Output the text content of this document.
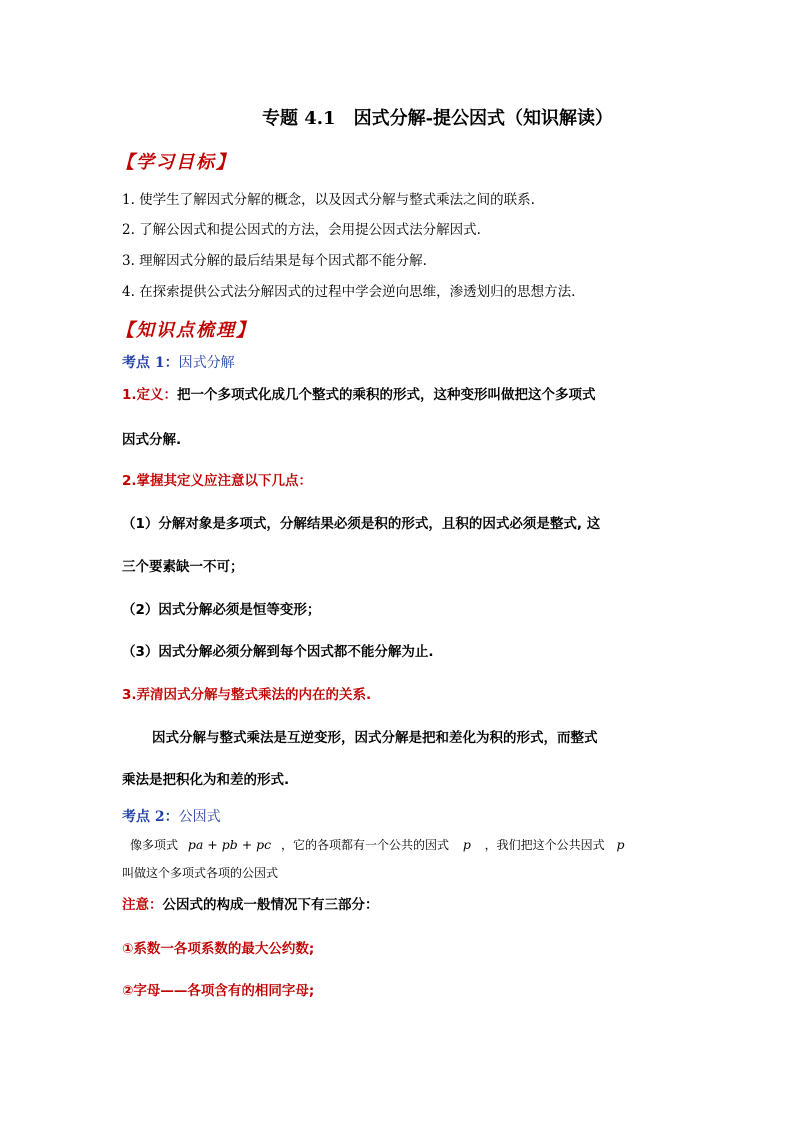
专题 4.1　因式分解-提公因式（知识解读）
【学习目标】
1. 使学生了解因式分解的概念，以及因式分解与整式乘法之间的联系.
2. 了解公因式和提公因式的方法，会用提公因式法分解因式.
3. 理解因式分解的最后结果是每个因式都不能分解.
4. 在探索提供公式法分解因式的过程中学会逆向思维，渗透划归的思想方法.
【知识点梳理】
考点 1：因式分解
1.定义：把一个多项式化成几个整式的乘积的形式，这种变形叫做把这个多项式
因式分解.
2.掌握其定义应注意以下几点：
（1）分解对象是多项式，分解结果必须是积的形式，且积的因式必须是整式, 这
三个要素缺一不可；
（2）因式分解必须是恒等变形；
（3）因式分解必须分解到每个因式都不能分解为止.
3.弄清因式分解与整式乘法的内在的关系.
因式分解与整式乘法是互逆变形，因式分解是把和差化为积的形式，而整式
乘法是把积化为和差的形式.
考点 2：公因式
像多项式 pa + pb + pc ，它的各项都有一个公共的因式 p ，我们把这个公共因式 p
叫做这个多项式各项的公因式
注意：公因式的构成一般情况下有三部分：
①系数一各项系数的最大公约数;
②字母——各项含有的相同字母;
